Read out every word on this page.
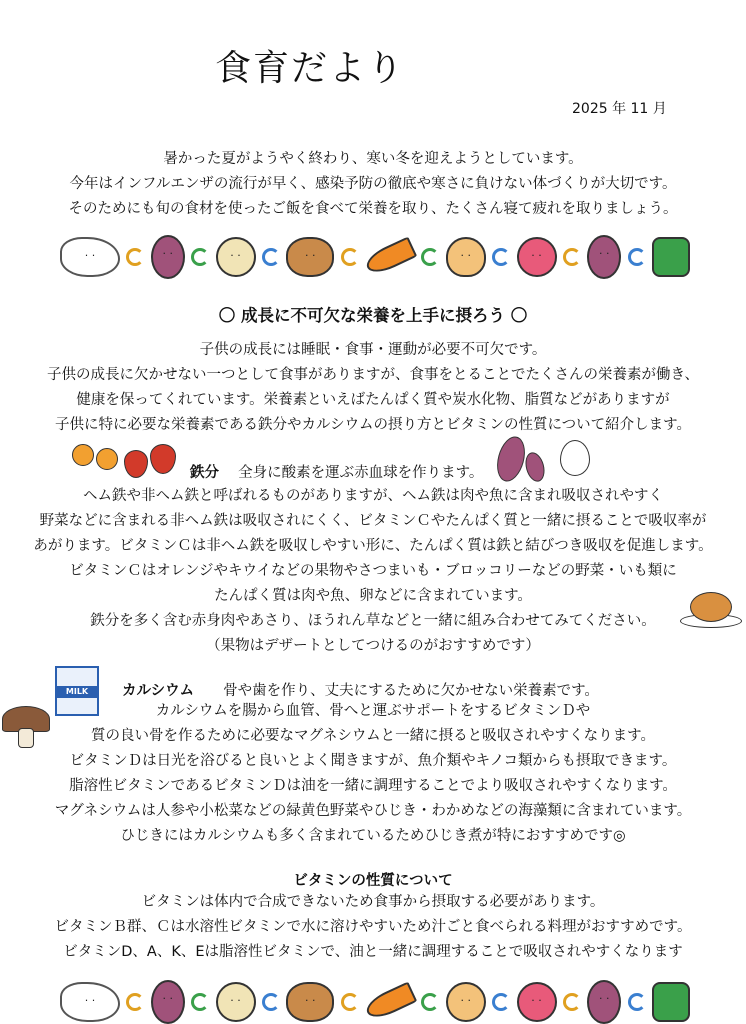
食育だより
2025 年 11 月
暑かった夏がようやく終わり、寒い冬を迎えようとしています。
今年はインフルエンザの流行が早く、感染予防の徹底や寒さに負けない体づくりが大切です。
そのためにも旬の食材を使ったご飯を食べて栄養を取り、たくさん寝て疲れを取りましょう。
· ·
· ·
· ·
· ·
· ·
· ·
· ·
〇 成長に不可欠な栄養を上手に摂ろう 〇
子供の成長には睡眠・食事・運動が必要不可欠です。
子供の成長に欠かせない一つとして食事がありますが、食事をとることでたくさんの栄養素が働き、
健康を保ってくれています。栄養素といえばたんぱく質や炭水化物、脂質などがありますが
子供に特に必要な栄養素である鉄分やカルシウムの摂り方とビタミンの性質について紹介します。
鉄分 全身に酸素を運ぶ赤血球を作ります。
ヘム鉄や非ヘム鉄と呼ばれるものがありますが、ヘム鉄は肉や魚に含まれ吸収されやすく
野菜などに含まれる非ヘム鉄は吸収されにくく、ビタミンＣやたんぱく質と一緒に摂ることで吸収率が
あがります。ビタミンＣは非ヘム鉄を吸収しやすい形に、たんぱく質は鉄と結びつき吸収を促進します。
ビタミンＣはオレンジやキウイなどの果物やさつまいも・ブロッコリーなどの野菜・いも類に
たんぱく質は肉や魚、卵などに含まれています。
鉄分を多く含む赤身肉やあさり、ほうれん草などと一緒に組み合わせてみてください。
（果物はデザートとしてつけるのがおすすめです）
MILK	カルシウム 骨や歯を作り、丈夫にするために欠かせない栄養素です。
カルシウムを腸から血管、骨へと運ぶサポートをするビタミンＤや
質の良い骨を作るために必要なマグネシウムと一緒に摂ると吸収されやすくなります。
ビタミンＤは日光を浴びると良いとよく聞きますが、魚介類やキノコ類からも摂取できます。
脂溶性ビタミンであるビタミンＤは油を一緒に調理することでより吸収されやすくなります。
マグネシウムは人参や小松菜などの緑黄色野菜やひじき・わかめなどの海藻類に含まれています。
ひじきにはカルシウムも多く含まれているためひじき煮が特におすすめです◎
ビタミンの性質について
ビタミンは体内で合成できないため食事から摂取する必要があります。
ビタミンＢ群、Ｃは水溶性ビタミンで水に溶けやすいため汁ごと食べられる料理がおすすめです。
ビタミンD、A、K、Eは脂溶性ビタミンで、油と一緒に調理することで吸収されやすくなります
· ·
· ·
· ·
· ·
· ·
· ·
· ·
